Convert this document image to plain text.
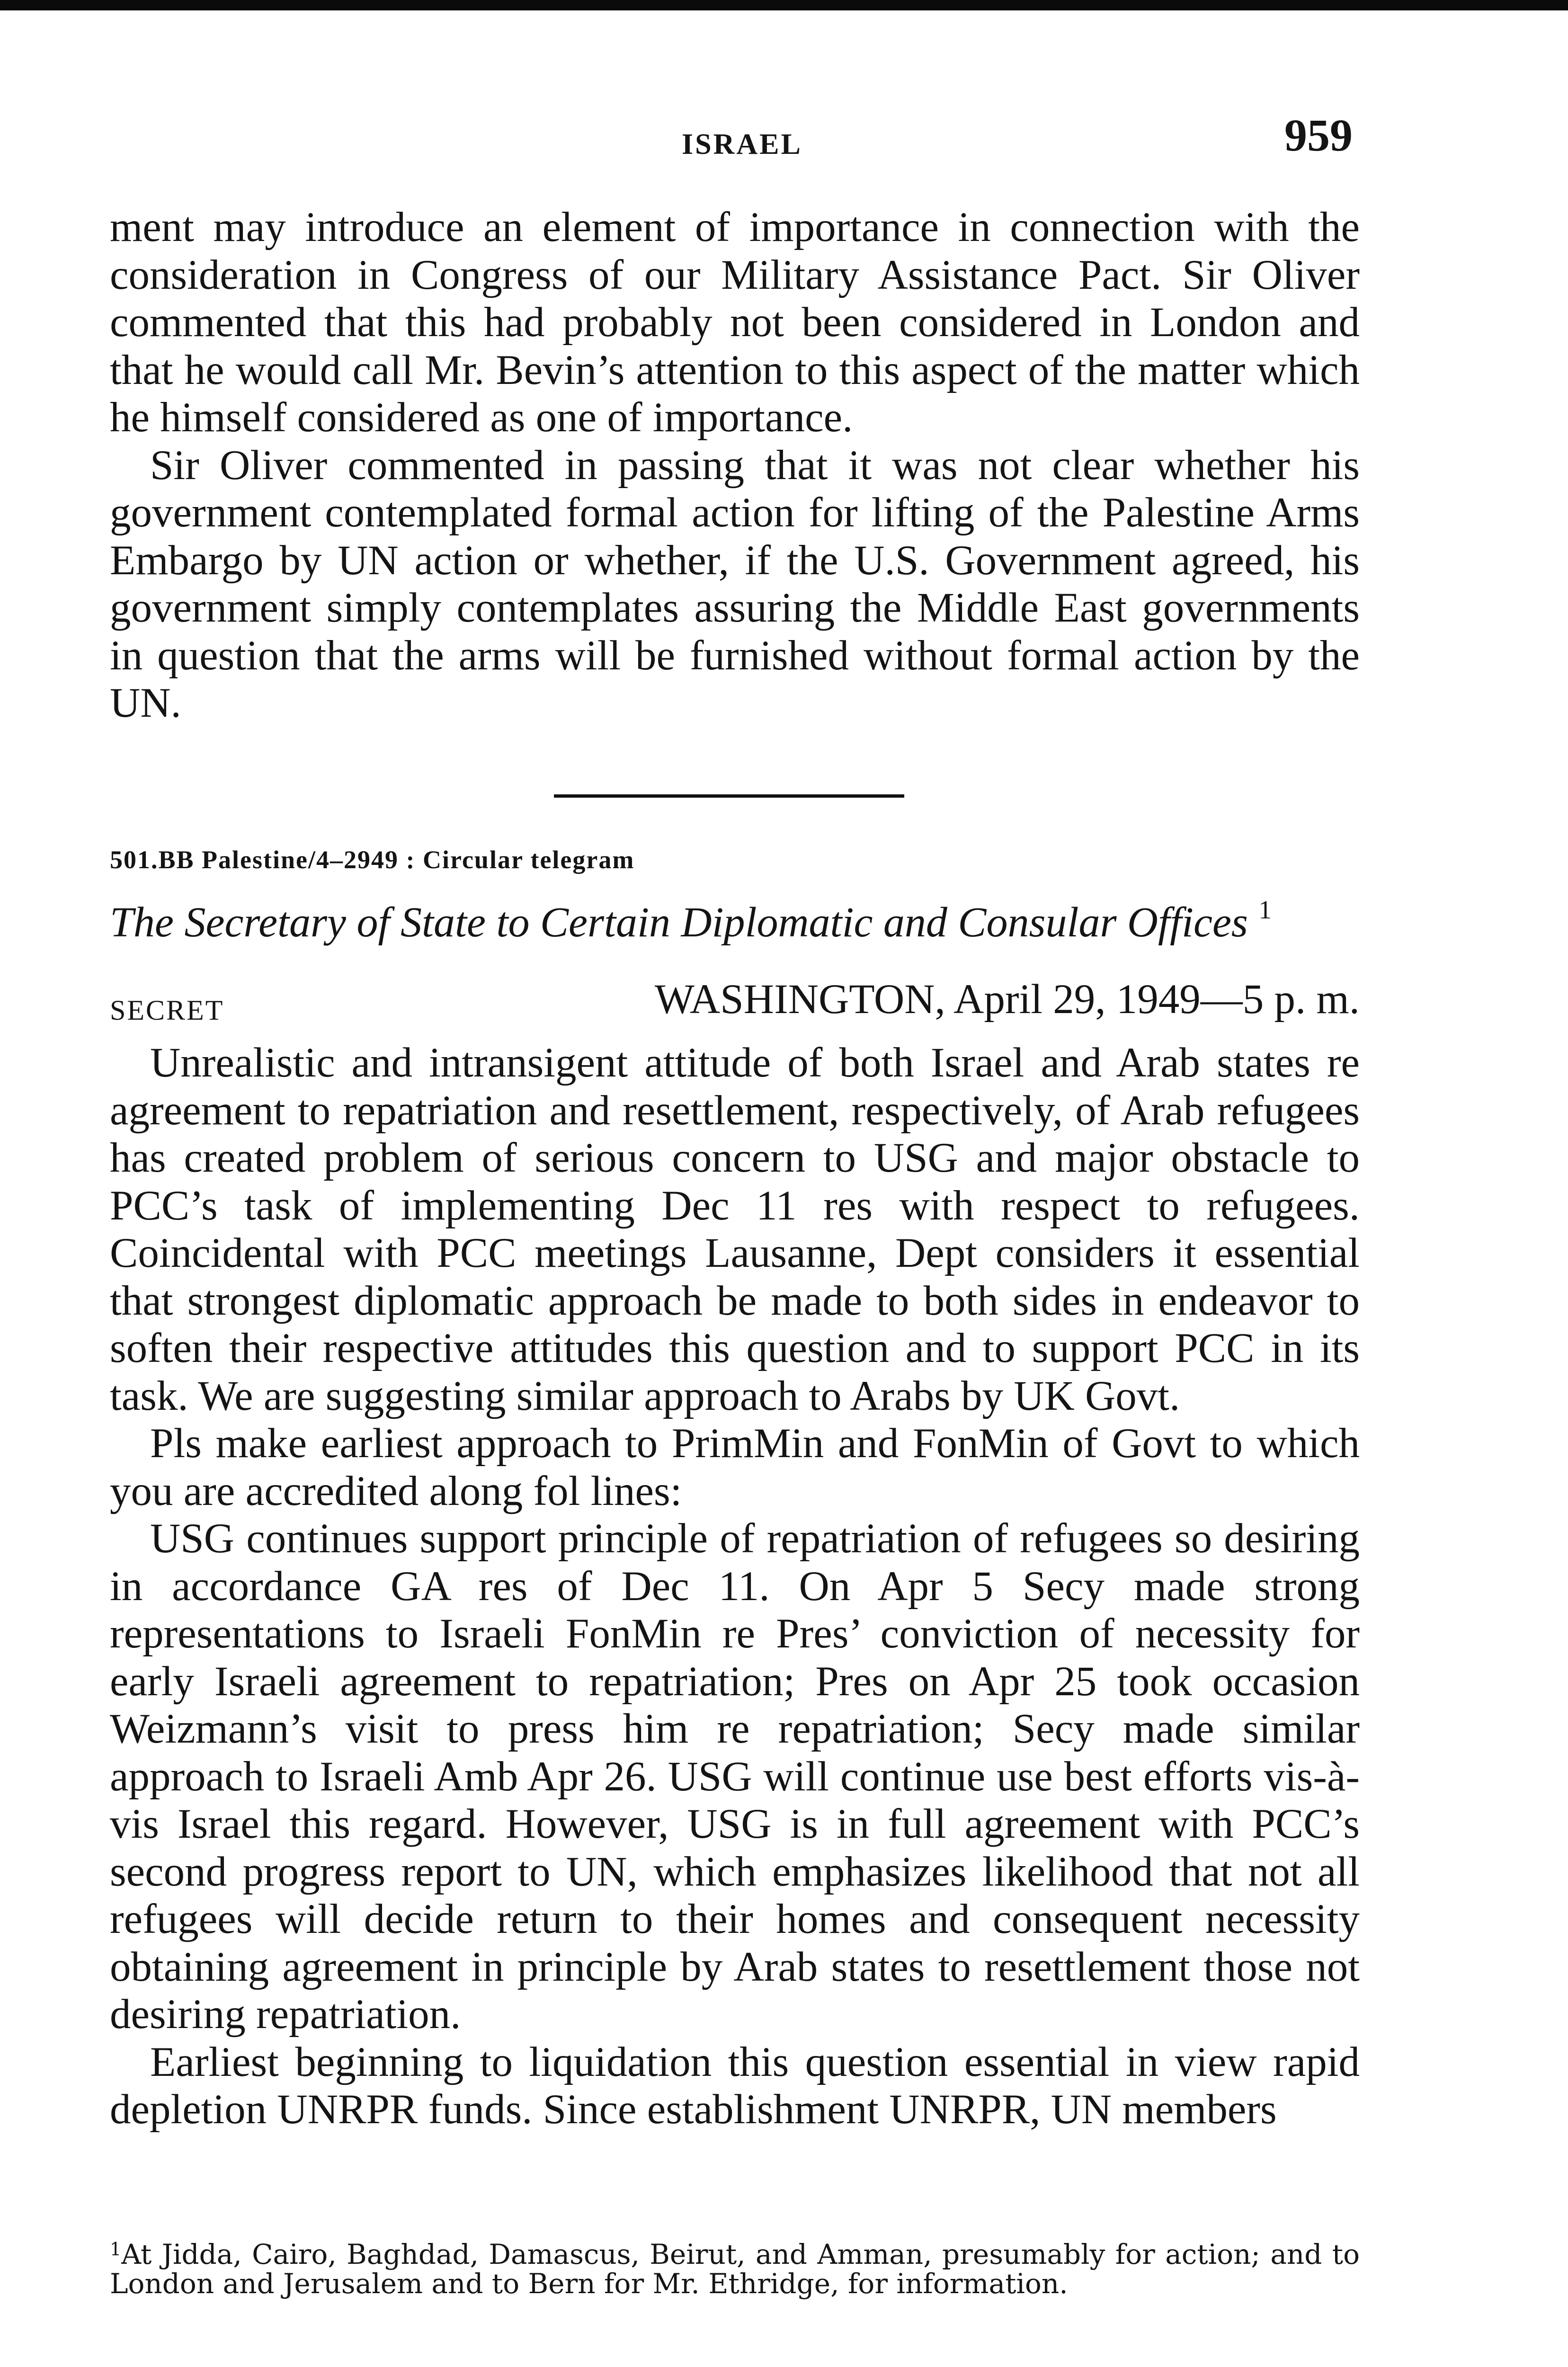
ISRAEL	959

ment may introduce an element of importance in connection with the consideration in Congress of our Military Assistance Pact. Sir Oliver commented that this had probably not been considered in London and that he would call Mr. Bevin’s attention to this aspect of the matter which he himself considered as one of importance.

Sir Oliver commented in passing that it was not clear whether his government contemplated formal action for lifting of the Palestine Arms Embargo by UN action or whether, if the U.S. Government agreed, his government simply contemplates assuring the Middle East governments in question that the arms will be furnished without formal action by the UN.

501.BB Palestine/4–2949 : Circular telegram
The Secretary of State to Certain Diplomatic and Consular Offices $^1$
SECRET	WASHINGTON, April 29, 1949—5 p. m.

Unrealistic and intransigent attitude of both Israel and Arab states re agreement to repatriation and resettlement, respectively, of Arab refugees has created problem of serious concern to USG and major obstacle to PCC’s task of implementing Dec 11 res with respect to refugees. Coincidental with PCC meetings Lausanne, Dept considers it essential that strongest diplomatic approach be made to both sides in endeavor to soften their respective attitudes this question and to support PCC in its task. We are suggesting similar approach to Arabs by UK Govt.

Pls make earliest approach to PrimMin and FonMin of Govt to which you are accredited along fol lines:

USG continues support principle of repatriation of refugees so desiring in accordance GA res of Dec 11. On Apr 5 Secy made strong representations to Israeli FonMin re Pres’ conviction of necessity for early Israeli agreement to repatriation; Pres on Apr 25 took occasion Weizmann’s visit to press him re repatriation; Secy made similar approach to Israeli Amb Apr 26. USG will continue use best efforts vis-à-vis Israel this regard. However, USG is in full agreement with PCC’s second progress report to UN, which emphasizes likelihood that not all refugees will decide return to their homes and consequent necessity obtaining agreement in principle by Arab states to resettlement those not desiring repatriation.

Earliest beginning to liquidation this question essential in view rapid depletion UNRPR funds. Since establishment UNRPR, UN members

$^1$At Jidda, Cairo, Baghdad, Damascus, Beirut, and Amman, presumably for action; and to London and Jerusalem and to Bern for Mr. Ethridge, for information.
